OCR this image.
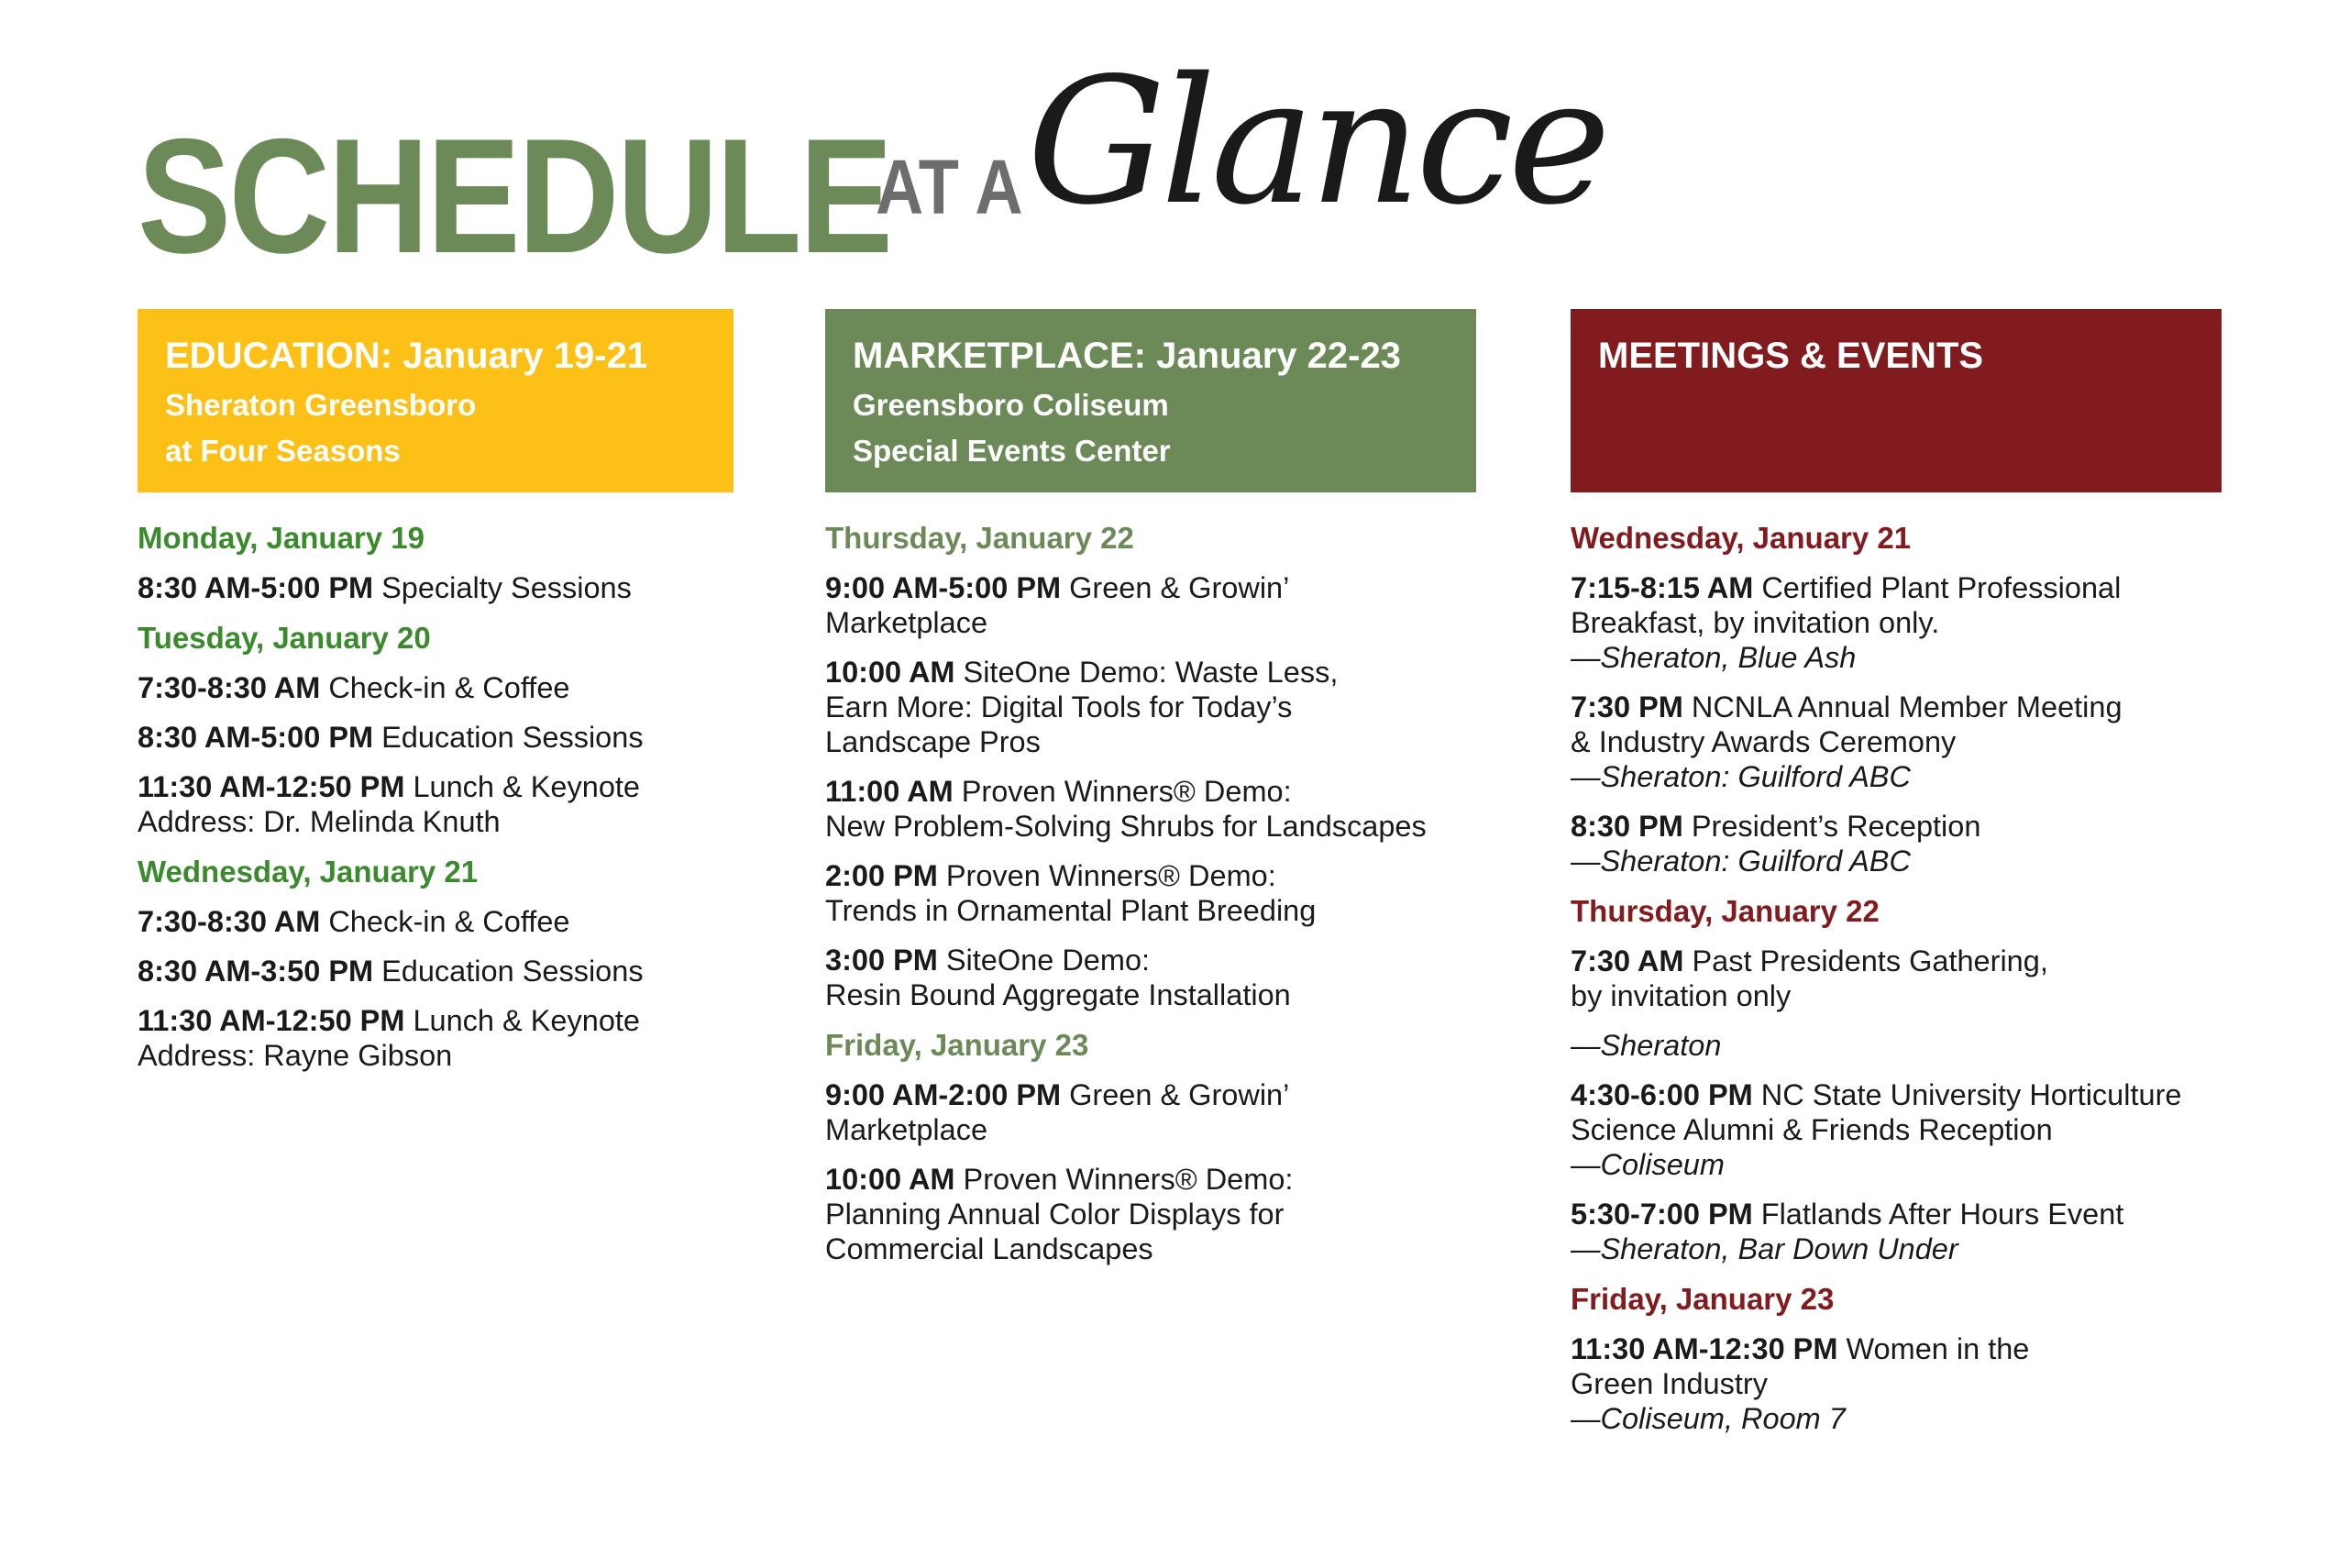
SCHEDULE
AT A Glance
EDUCATION: January 19-21
Sheraton Greensboro
at Four Seasons
Monday, January 19
8:30 AM-5:00 PM Specialty Sessions
Tuesday, January 20
7:30-8:30 AM Check-in & Coffee
8:30 AM-5:00 PM Education Sessions
11:30 AM-12:50 PM Lunch & Keynote
Address: Dr. Melinda Knuth
Wednesday, January 21
7:30-8:30 AM Check-in & Coffee
8:30 AM-3:50 PM Education Sessions
11:30 AM-12:50 PM Lunch & Keynote
Address: Rayne Gibson
MARKETPLACE: January 22-23
Greensboro Coliseum
Special Events Center
Thursday, January 22
9:00 AM-5:00 PM Green & Growin’
Marketplace
10:00 AM SiteOne Demo: Waste Less,
Earn More: Digital Tools for Today’s
Landscape Pros
11:00 AM Proven Winners® Demo:
New Problem-Solving Shrubs for Landscapes
2:00 PM Proven Winners® Demo:
Trends in Ornamental Plant Breeding
3:00 PM SiteOne Demo:
Resin Bound Aggregate Installation
Friday, January 23
9:00 AM-2:00 PM Green & Growin’
Marketplace
10:00 AM Proven Winners® Demo:
Planning Annual Color Displays for
Commercial Landscapes
MEETINGS & EVENTS
Wednesday, January 21
7:15-8:15 AM Certified Plant Professional
Breakfast, by invitation only.
—Sheraton, Blue Ash
7:30 PM NCNLA Annual Member Meeting
& Industry Awards Ceremony
—Sheraton: Guilford ABC
8:30 PM President’s Reception
—Sheraton: Guilford ABC
Thursday, January 22
7:30 AM Past Presidents Gathering,
by invitation only
—Sheraton
4:30-6:00 PM NC State University Horticulture
Science Alumni & Friends Reception
—Coliseum
5:30-7:00 PM Flatlands After Hours Event
—Sheraton, Bar Down Under
Friday, January 23
11:30 AM-12:30 PM Women in the
Green Industry
—Coliseum, Room 7
